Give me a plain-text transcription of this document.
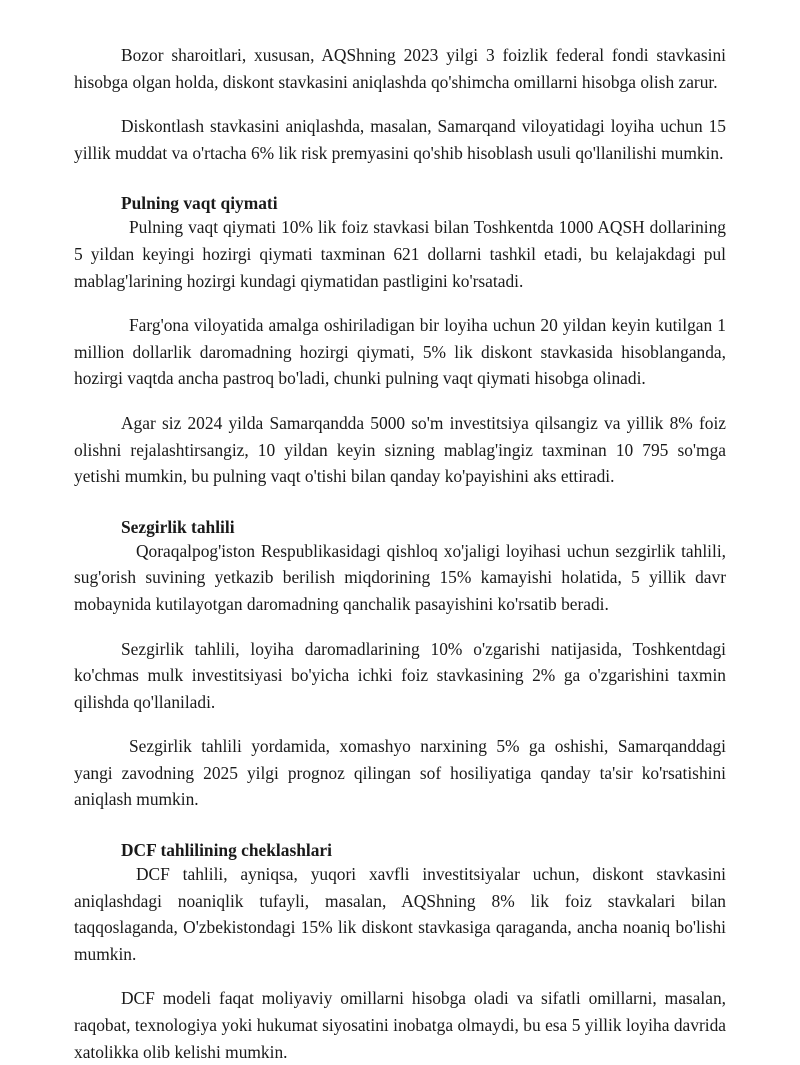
Bozor sharoitlari, xususan, AQShning 2023 yilgi 3 foizlik federal fondi stavkasini hisobga olgan holda, diskont stavkasini aniqlashda qo'shimcha omillarni hisobga olish zarur.

Diskontlash stavkasini aniqlashda, masalan, Samarqand viloyatidagi loyiha uchun 15 yillik muddat va o'rtacha 6% lik risk premyasini qo'shib hisoblash usuli qo'llanilishi mumkin.

Pulning vaqt qiymati

Pulning vaqt qiymati 10% lik foiz stavkasi bilan Toshkentda 1000 AQSH dollarining 5 yildan keyingi hozirgi qiymati taxminan 621 dollarni tashkil etadi, bu kelajakdagi pul mablag'larining hozirgi kundagi qiymatidan pastligini ko'rsatadi.

Farg'ona viloyatida amalga oshiriladigan bir loyiha uchun 20 yildan keyin kutilgan 1 million dollarlik daromadning hozirgi qiymati, 5% lik diskont stavkasida hisoblanganda, hozirgi vaqtda ancha pastroq bo'ladi, chunki pulning vaqt qiymati hisobga olinadi.

Agar siz 2024 yilda Samarqandda 5000 so'm investitsiya qilsangiz va yillik 8% foiz olishni rejalashtirsangiz, 10 yildan keyin sizning mablag'ingiz taxminan 10 795 so'mga yetishi mumkin, bu pulning vaqt o'tishi bilan qanday ko'payishini aks ettiradi.

Sezgirlik tahlili

Qoraqalpog'iston Respublikasidagi qishloq xo'jaligi loyihasi uchun sezgirlik tahlili, sug'orish suvining yetkazib berilish miqdorining 15% kamayishi holatida, 5 yillik davr mobaynida kutilayotgan daromadning qanchalik pasayishini ko'rsatib beradi.

Sezgirlik tahlili, loyiha daromadlarining 10% o'zgarishi natijasida, Toshkentdagi ko'chmas mulk investitsiyasi bo'yicha ichki foiz stavkasining 2% ga o'zgarishini taxmin qilishda qo'llaniladi.

Sezgirlik tahlili yordamida, xomashyo narxining 5% ga oshishi, Samarqanddagi yangi zavodning 2025 yilgi prognoz qilingan sof hosiliyatiga qanday ta'sir ko'rsatishini aniqlash mumkin.

DCF tahlilining cheklashlari

DCF tahlili, ayniqsa, yuqori xavfli investitsiyalar uchun, diskont stavkasini aniqlashdagi noaniqlik tufayli, masalan, AQShning 8% lik foiz stavkalari bilan taqqoslaganda, O'zbekistondagi 15% lik diskont stavkasiga qaraganda, ancha noaniq bo'lishi mumkin.

DCF modeli faqat moliyaviy omillarni hisobga oladi va sifatli omillarni, masalan, raqobat, texnologiya yoki hukumat siyosatini inobatga olmaydi, bu esa 5 yillik loyiha davrida xatolikka olib kelishi mumkin.
